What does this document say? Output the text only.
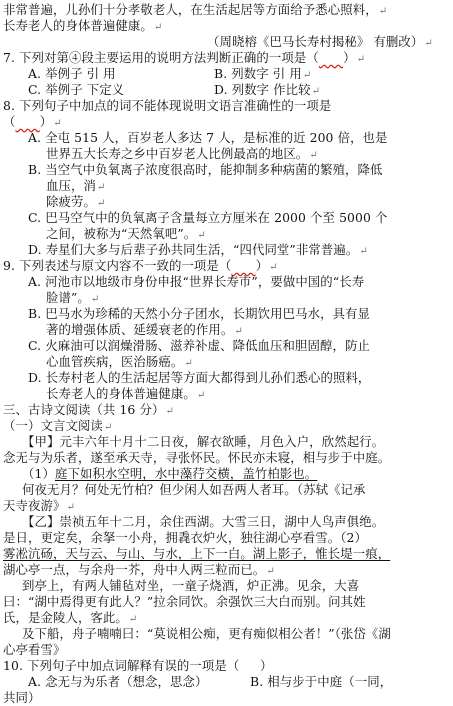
非常普遍，儿孙们十分孝敬老人，在生活起居等方面给予悉心照料，↵
长寿老人的身体普遍健康。↵
（周晓榕《巴马长寿村揭秘》 有删改）↵
7. 下列对第④段主要运用的说明方法判断正确的一项是（ ）↵
A. 举例子 引 用	B. 列数字 引 用↵
C. 举例子 下定义	D. 列数字 作比较↵
8. 下列句子中加点的词不能体现说明文语言准确性的一项是
（ ）↵
A. 全屯 515 人，百岁老人多达 7 人，是标准的近 200 倍，也是
世界五大长寿之乡中百岁老人比例最高的地区。↵
B. 当空气中负氧离子浓度很高时，能抑制多种病菌的繁殖，降低
血压，消↵
除疲劳。↵
C. 巴马空气中的负氧离子含量每立方厘米在 2000 个至 5000 个
之间，被称为“天然氧吧”。↵
D. 寿星们大多与后辈子孙共同生活，“四代同堂”非常普遍。↵
9. 下列表述与原文内容不一致的一项是（ ）↵
A. 河池市以地级市身份申报“世界长寿市”，要做中国的“长寿
脸谱”。↵
B. 巴马水为珍稀的天然小分子团水，长期饮用巴马水，具有显
著的增强体质、延缓衰老的作用。↵
C. 火麻油可以润燥滑肠、滋养补虚、降低血压和胆固醇，防止
心血管疾病，医治肠癌。↵
D. 长寿村老人的生活起居等方面大都得到儿孙们悉心的照料，
长寿老人的身体普遍健康。↵
三、古诗文阅读（共 16 分）↵
（一）文言文阅读↵
【甲】元丰六年十月十二日夜，解衣欲睡，月色入户，欣然起行。
念无与为乐者，遂至承天寺，寻张怀民。怀民亦未寝，相与步于中庭。
（1）庭下如积水空明，水中藻荇交横，盖竹柏影也。
何夜无月？何处无竹柏？但少闲人如吾两人者耳。（苏轼《记承
天寺夜游》↵
【乙】崇祯五年十二月，余住西湖。大雪三日，湖中人鸟声俱绝。
是日，更定矣，余拏一小舟，拥毳衣炉火，独往湖心亭看雪。（2）
雾凇沆砀，天与云、与山、与水，上下一白。湖上影子，惟长堤一痕，
湖心亭一点，与余舟一芥，舟中人两三粒而已。↵
到亭上，有两人铺毡对坐，一童子烧酒，炉正沸。见余，大喜
曰：“湖中焉得更有此人？”拉余同饮。余强饮三大白而别。问其姓
氏，是金陵人，客此。↵
及下船，舟子喃喃曰：“莫说相公痴，更有痴似相公者！”（张岱《湖
心亭看雪》
10. 下列句子中加点词解释有误的一项是（
A. 念无与为乐者（想念，思念）	B. 相与步于中庭（一同，
共同）
）
